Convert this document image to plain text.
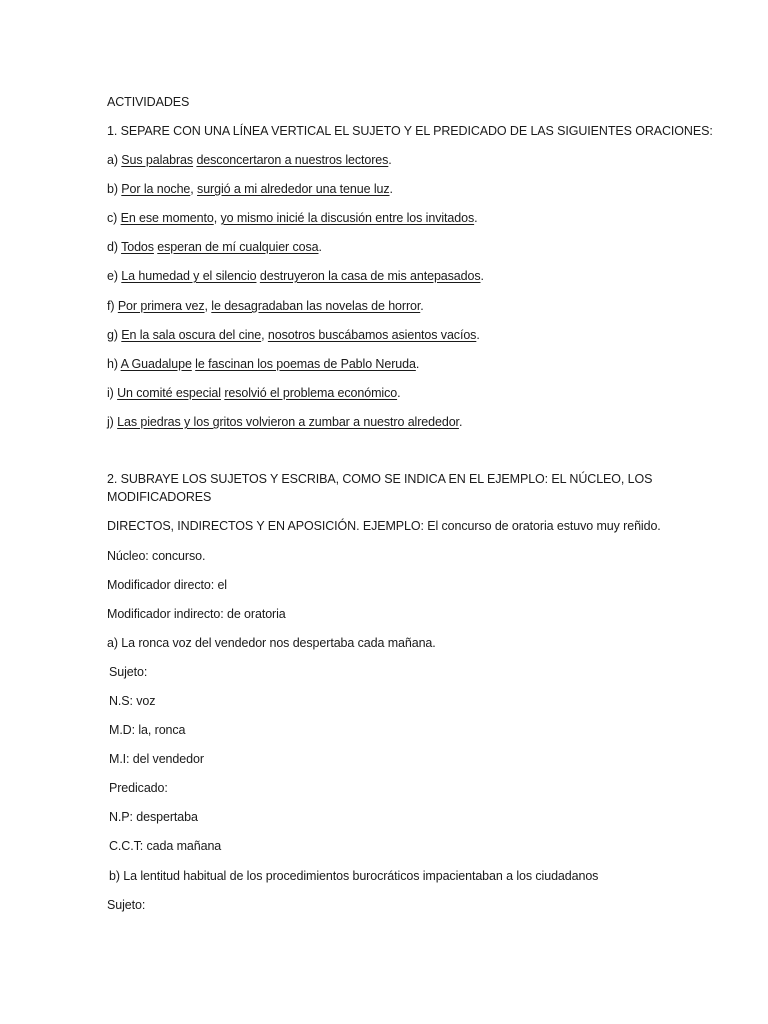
ACTIVIDADES
1. SEPARE CON UNA LÍNEA VERTICAL EL SUJETO Y EL PREDICADO DE LAS SIGUIENTES ORACIONES:
a) Sus palabras desconcertaron a nuestros lectores.
b) Por la noche, surgió a mi alrededor una tenue luz.
c) En ese momento, yo mismo inicié la discusión entre los invitados.
d) Todos esperan de mí cualquier cosa.
e) La humedad y el silencio destruyeron la casa de mis antepasados.
f) Por primera vez, le desagradaban las novelas de horror.
g) En la sala oscura del cine, nosotros buscábamos asientos vacíos.
h) A Guadalupe le fascinan los poemas de Pablo Neruda.
i) Un comité especial resolvió el problema económico.
j) Las piedras y los gritos volvieron a zumbar a nuestro alrededor.
2. SUBRAYE LOS SUJETOS Y ESCRIBA, COMO SE INDICA EN EL EJEMPLO: EL NÚCLEO, LOS
MODIFICADORES
DIRECTOS, INDIRECTOS Y EN APOSICIÓN. EJEMPLO: El concurso de oratoria estuvo muy reñido.
Núcleo: concurso.
Modificador directo: el
Modificador indirecto: de oratoria
a) La ronca voz del vendedor nos despertaba cada mañana.
Sujeto:
N.S: voz
M.D: la, ronca
M.I: del vendedor
Predicado:
N.P: despertaba
C.C.T: cada mañana
b) La lentitud habitual de los procedimientos burocráticos impacientaban a los ciudadanos
Sujeto:
